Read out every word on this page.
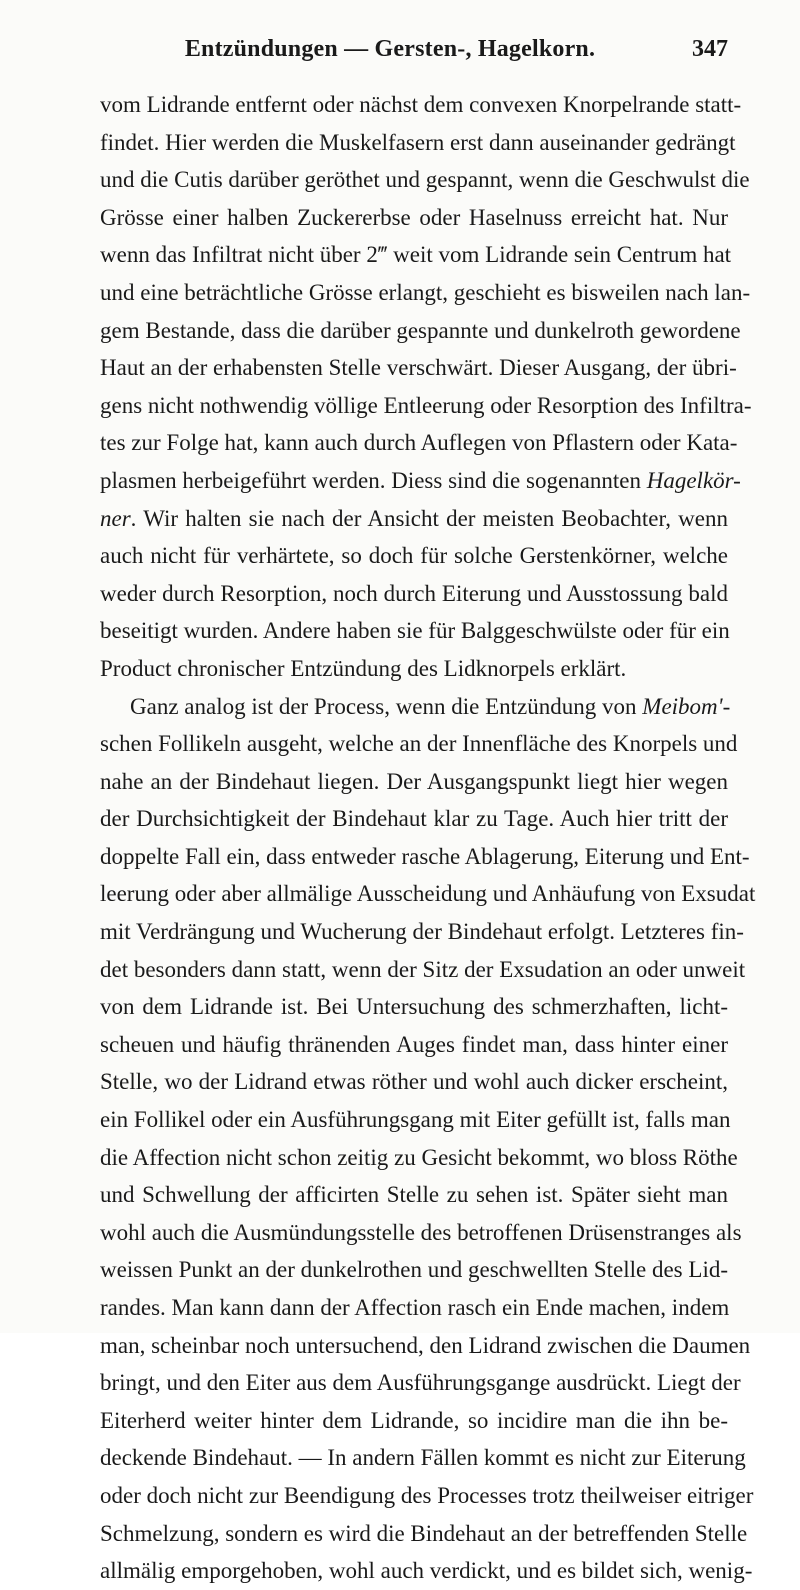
Entzündungen — Gersten-, Hagelkorn.	347
vom Lidrande entfernt oder nächst dem convexen Knorpelrande statt-
findet. Hier werden die Muskelfasern erst dann auseinander gedrängt
und die Cutis darüber geröthet und gespannt, wenn die Geschwulst die
Grösse einer halben Zuckererbse oder Haselnuss erreicht hat. Nur
wenn das Infiltrat nicht über 2‴ weit vom Lidrande sein Centrum hat
und eine beträchtliche Grösse erlangt, geschieht es bisweilen nach lan-
gem Bestande, dass die darüber gespannte und dunkelroth gewordene
Haut an der erhabensten Stelle verschwärt. Dieser Ausgang, der übri-
gens nicht nothwendig völlige Entleerung oder Resorption des Infiltra-
tes zur Folge hat, kann auch durch Auflegen von Pflastern oder Kata-
plasmen herbeigeführt werden. Diess sind die sogenannten Hagelkör-
ner. Wir halten sie nach der Ansicht der meisten Beobachter, wenn
auch nicht für verhärtete, so doch für solche Gerstenkörner, welche
weder durch Resorption, noch durch Eiterung und Ausstossung bald
beseitigt wurden. Andere haben sie für Balggeschwülste oder für ein
Product chronischer Entzündung des Lidknorpels erklärt.
Ganz analog ist der Process, wenn die Entzündung von Meibom'-
schen Follikeln ausgeht, welche an der Innenfläche des Knorpels und
nahe an der Bindehaut liegen. Der Ausgangspunkt liegt hier wegen
der Durchsichtigkeit der Bindehaut klar zu Tage. Auch hier tritt der
doppelte Fall ein, dass entweder rasche Ablagerung, Eiterung und Ent-
leerung oder aber allmälige Ausscheidung und Anhäufung von Exsudat
mit Verdrängung und Wucherung der Bindehaut erfolgt. Letzteres fin-
det besonders dann statt, wenn der Sitz der Exsudation an oder unweit
von dem Lidrande ist. Bei Untersuchung des schmerzhaften, licht-
scheuen und häufig thränenden Auges findet man, dass hinter einer
Stelle, wo der Lidrand etwas röther und wohl auch dicker erscheint,
ein Follikel oder ein Ausführungsgang mit Eiter gefüllt ist, falls man
die Affection nicht schon zeitig zu Gesicht bekommt, wo bloss Röthe
und Schwellung der afficirten Stelle zu sehen ist. Später sieht man
wohl auch die Ausmündungsstelle des betroffenen Drüsenstranges als
weissen Punkt an der dunkelrothen und geschwellten Stelle des Lid-
randes. Man kann dann der Affection rasch ein Ende machen, indem
man, scheinbar noch untersuchend, den Lidrand zwischen die Daumen
bringt, und den Eiter aus dem Ausführungsgange ausdrückt. Liegt der
Eiterherd weiter hinter dem Lidrande, so incidire man die ihn be-
deckende Bindehaut. — In andern Fällen kommt es nicht zur Eiterung
oder doch nicht zur Beendigung des Processes trotz theilweiser eitriger
Schmelzung, sondern es wird die Bindehaut an der betreffenden Stelle
allmälig emporgehoben, wohl auch verdickt, und es bildet sich, wenig-
